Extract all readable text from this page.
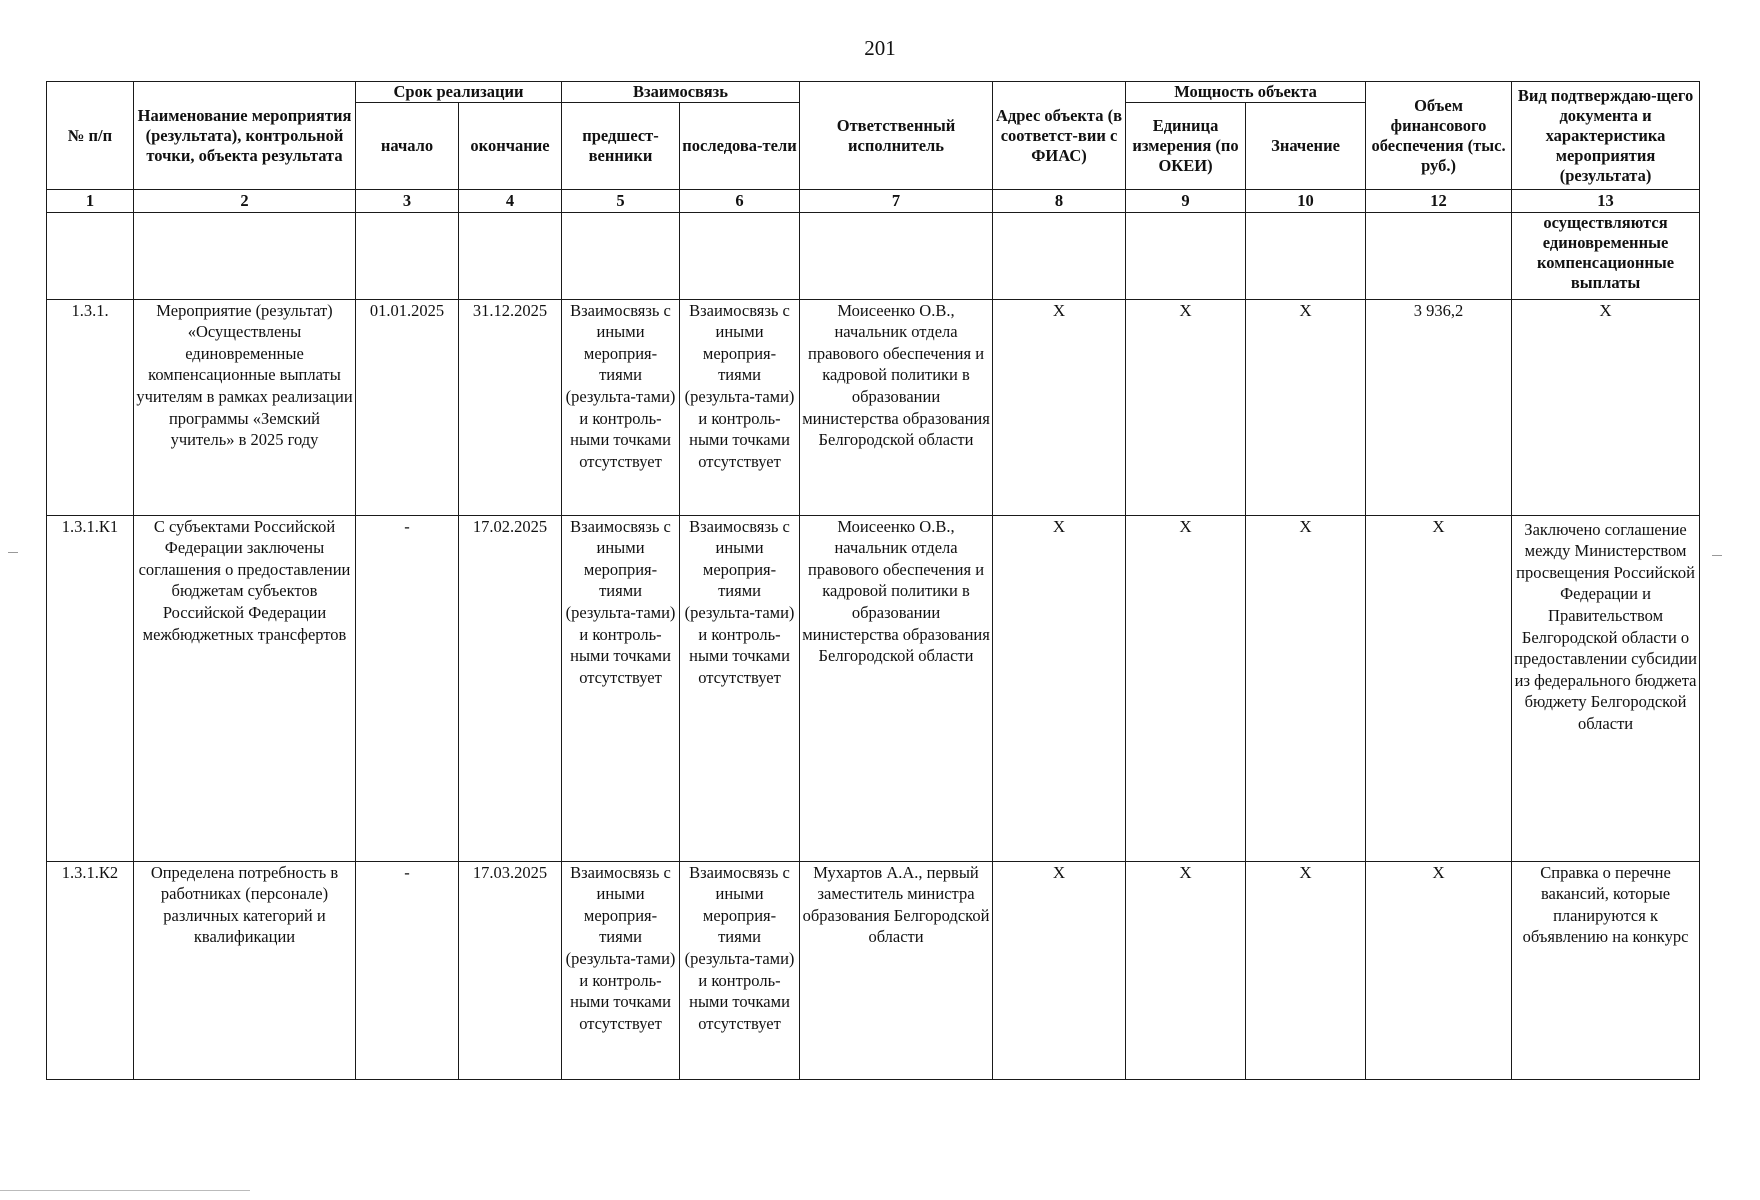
201
№ п/п	Наименование мероприятия (результата), контрольной точки, объекта результата	Срок реализации		Взаимосвязь		Ответственный исполнитель	Адрес объекта (в соответст-вии с ФИАС)	Мощность объекта		Объем финансового обеспечения (тыс. руб.)	Вид подтверждаю-щего документа и характеристика мероприятия (результата)
		начало	окончание	предшест-венники	последова-тели			Единица измерения (по ОКЕИ)	Значение		
1	2	3	4	5	6	7	8	9	10	12	13
											осуществляются единовременные компенсационные выплаты
1.3.1.	Мероприятие (результат) «Осуществлены единовременные компенсационные выплаты учителям в рамках реализации программы «Земский учитель» в 2025 году	01.01.2025	31.12.2025	Взаимосвязь с иными мероприя-тиями (результа-тами) и контроль-ными точками отсутствует	Взаимосвязь с иными мероприя-тиями (результа-тами) и контроль-ными точками отсутствует	Моисеенко О.В., начальник отдела правового обеспечения и кадровой политики в образовании министерства образования Белгородской области	X	X	X	3 936,2	X
1.3.1.К1	С субъектами Российской Федерации заключены соглашения о предоставлении бюджетам субъектов Российской Федерации межбюджетных трансфертов	-	17.02.2025	Взаимосвязь с иными мероприя-тиями (результа-тами) и контроль-ными точками отсутствует	Взаимосвязь с иными мероприя-тиями (результа-тами) и контроль-ными точками отсутствует	Моисеенко О.В., начальник отдела правового обеспечения и кадровой политики в образовании министерства образования Белгородской области	X	X	X	X	Заключено соглашение между Министерством просвещения Российской Федерации и Правительством Белгородской области о предоставлении субсидии из федерального бюджета бюджету Белгородской области
1.3.1.К2	Определена потребность в работниках (персонале) различных категорий и квалификации	-	17.03.2025	Взаимосвязь с иными мероприя-тиями (результа-тами) и контроль-ными точками отсутствует	Взаимосвязь с иными мероприя-тиями (результа-тами) и контроль-ными точками отсутствует	Мухартов А.А., первый заместитель министра образования Белгородской области	X	X	X	X	Справка о перечне вакансий, которые планируются к объявлению на конкурс
